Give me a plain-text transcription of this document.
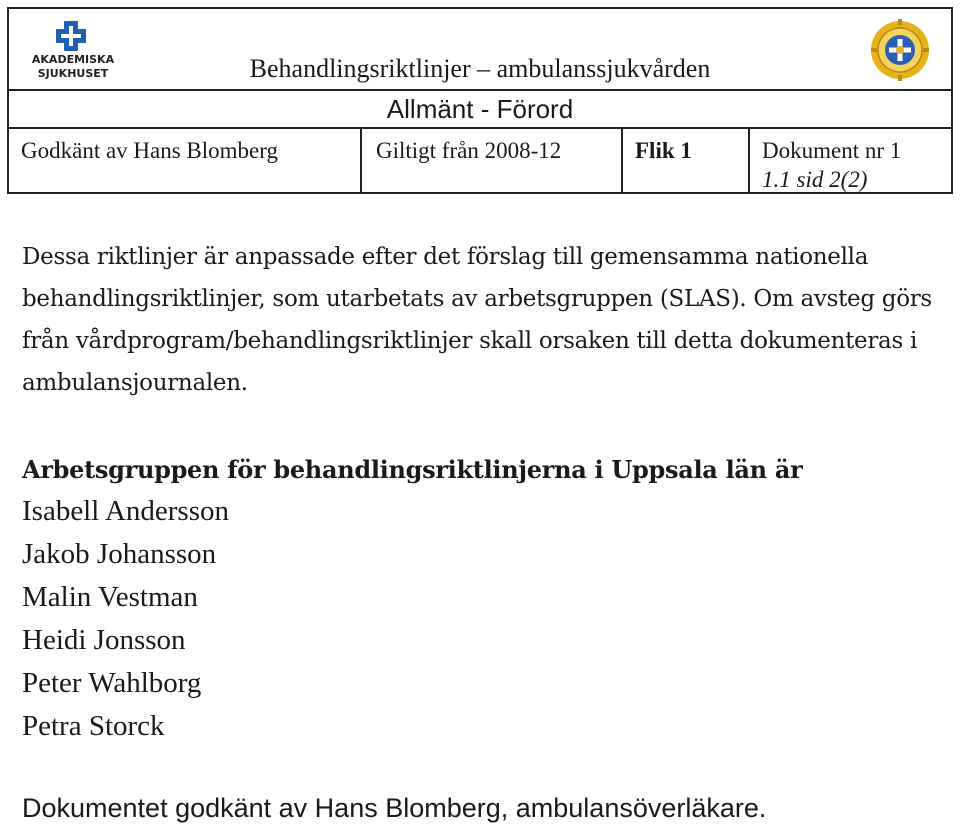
AKADEMISKA
SJUKHUSET	Behandlingsriktlinjer – ambulanssjukvården
Allmänt - Förord
Godkänt av Hans Blomberg	Giltigt från 2008-12	Flik 1	Dokument nr 1
1.1 sid 2(2)

Dessa riktlinjer är anpassade efter det förslag till gemensamma nationella behandlingsriktlinjer, som utarbetats av arbetsgruppen (SLAS). Om avsteg görs från vårdprogram/behandlingsriktlinjer skall orsaken till detta dokumenteras i ambulansjournalen.

Arbetsgruppen för behandlingsriktlinjerna i Uppsala län är
Isabell Andersson
Jakob Johansson
Malin Vestman
Heidi Jonsson
Peter Wahlborg
Petra Storck
Dokumentet godkänt av Hans Blomberg, ambulansöverläkare.
